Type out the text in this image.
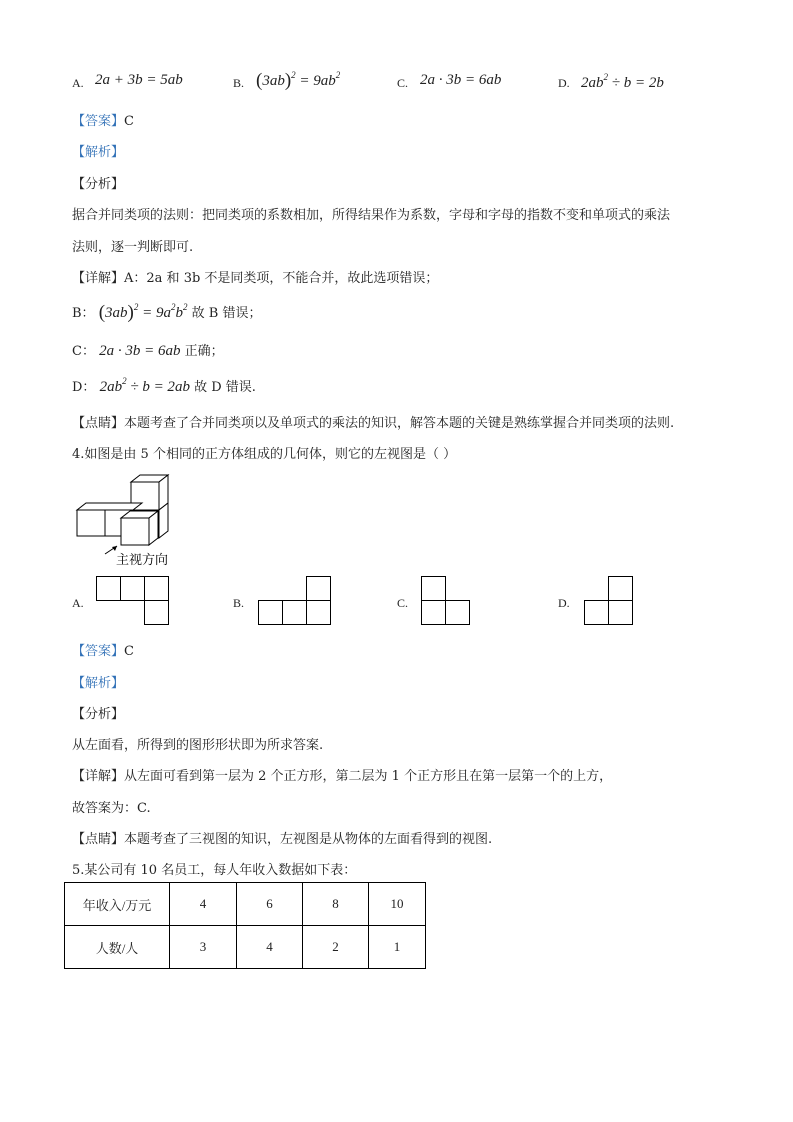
A. 2a + 3b = 5ab	B. $(3ab)^2 = 9ab^2$
C. 2a · 3b = 6ab	D. $2ab^2 \div b = 2b$
【答案】C
【解析】
【分析】
据合并同类项的法则：把同类项的系数相加，所得结果作为系数，字母和字母的指数不变和单项式的乘法
法则，逐一判断即可.
【详解】A：2a 和 3b 不是同类项，不能合并，故此选项错误；
B： $(3ab)^2 = 9a^2b^2$ 故 B 错误；
C： 2a · 3b = 6ab 正确；
D： $2ab^2 \div b = 2ab$ 故 D 错误.
【点睛】本题考查了合并同类项以及单项式的乘法的知识，解答本题的关键是熟练掌握合并同类项的法则.
4.如图是由 5 个相同的正方体组成的几何体，则它的左视图是（ ）
主视方向
A.	B.	C.	D.
【答案】C
【解析】
【分析】
从左面看，所得到的图形形状即为所求答案.
【详解】从左面可看到第一层为 2 个正方形，第二层为 1 个正方形且在第一层第一个的上方，
故答案为：C.
【点睛】本题考查了三视图的知识，左视图是从物体的左面看得到的视图.
5.某公司有 10 名员工，每人年收入数据如下表：
年收入/万元	4	6	8	10
人数/人	3	4	2	1
